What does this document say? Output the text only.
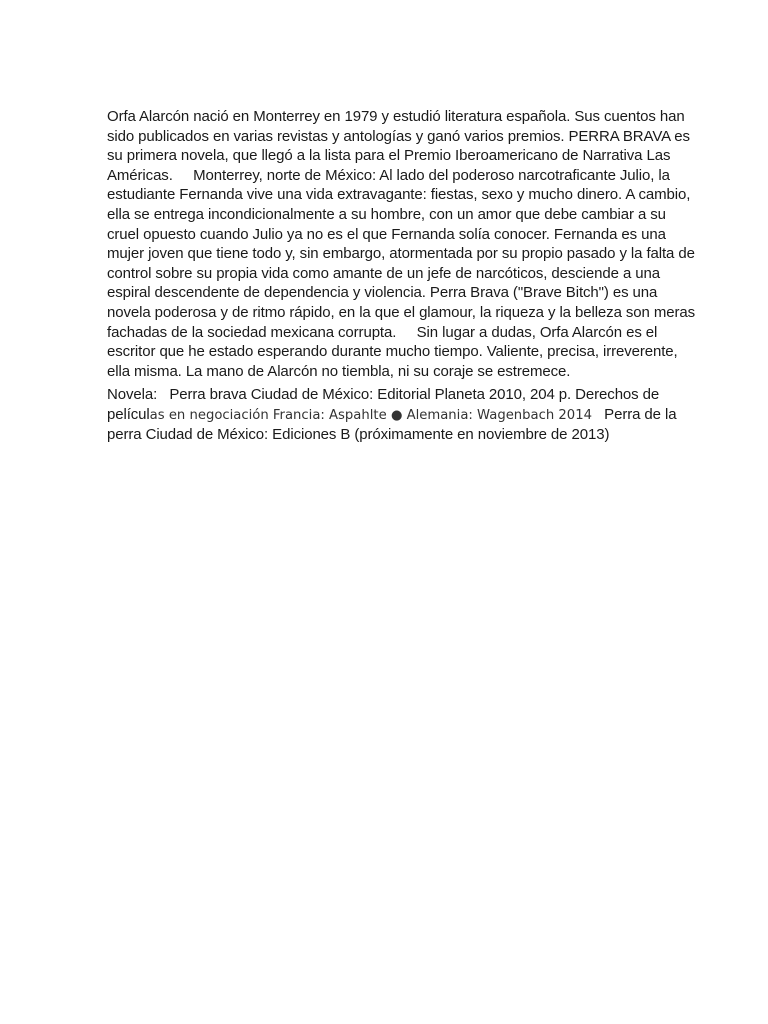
Orfa Alarcón nació en Monterrey en 1979 y estudió literatura española. Sus cuentos han
sido publicados en varias revistas y antologías y ganó varios premios. PERRA BRAVA es
su primera novela, que llegó a la lista para el Premio Iberoamericano de Narrativa Las
Américas.     Monterrey, norte de México: Al lado del poderoso narcotraficante Julio, la
estudiante Fernanda vive una vida extravagante: fiestas, sexo y mucho dinero. A cambio,
ella se entrega incondicionalmente a su hombre, con un amor que debe cambiar a su
cruel opuesto cuando Julio ya no es el que Fernanda solía conocer. Fernanda es una
mujer joven que tiene todo y, sin embargo, atormentada por su propio pasado y la falta de
control sobre su propia vida como amante de un jefe de narcóticos, desciende a una
espiral descendente de dependencia y violencia. Perra Brava ("Brave Bitch") es una
novela poderosa y de ritmo rápido, en la que el glamour, la riqueza y la belleza son meras
fachadas de la sociedad mexicana corrupta.     Sin lugar a dudas, Orfa Alarcón es el
escritor que he estado esperando durante mucho tiempo. Valiente, precisa, irreverente,
ella misma. La mano de Alarcón no tiembla, ni su coraje se estremece.
Novela:   Perra brava Ciudad de México: Editorial Planeta 2010, 204 p. Derechos de
películas en negociación Francia: Aspahlte ● Alemania: Wagenbach 2014   Perra de la
perra Ciudad de México: Ediciones B (próximamente en noviembre de 2013)
